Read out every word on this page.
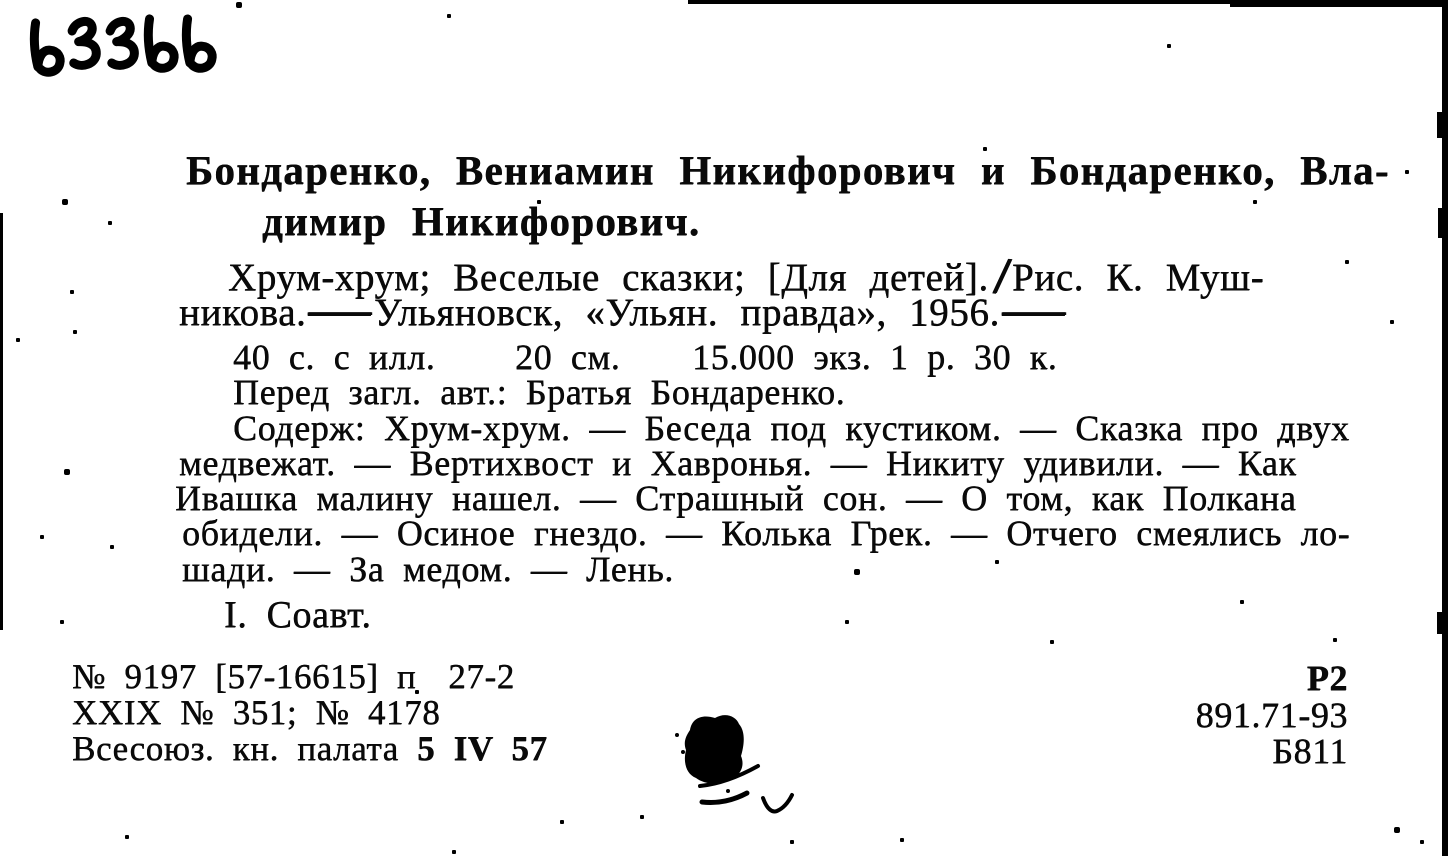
Бондаренко, Вениамин Никифорович и Бондаренко, Вла-
димир Никифорович.
Хрум-хрум; Веселые сказки; [Для детей]./Рис. К. Муш-
никова.—Ульяновск, «Ульян. правда», 1956.—
40 с. с илл. 20 см. 15.000 экз. 1 р. 30 к.
Перед загл. авт.: Братья Бондаренко.
Содерж: Хрум-хрум. — Беседа под кустиком. — Сказка про двух
медвежат. — Вертихвост и Хавронья. — Никиту удивили. — Как
Ивашка малину нашел. — Страшный сон. — О том, как Полкана
обидели. — Осиное гнездо. — Колька Грек. — Отчего смеялись ло-
шади. — За медом. — Лень.
I. Соавт.
№ 9197 [57-16615] п 27-2
XXIX № 351; № 4178
Всесоюз. кн. палата 5 IV 57
Р2
891.71-93
Б811
